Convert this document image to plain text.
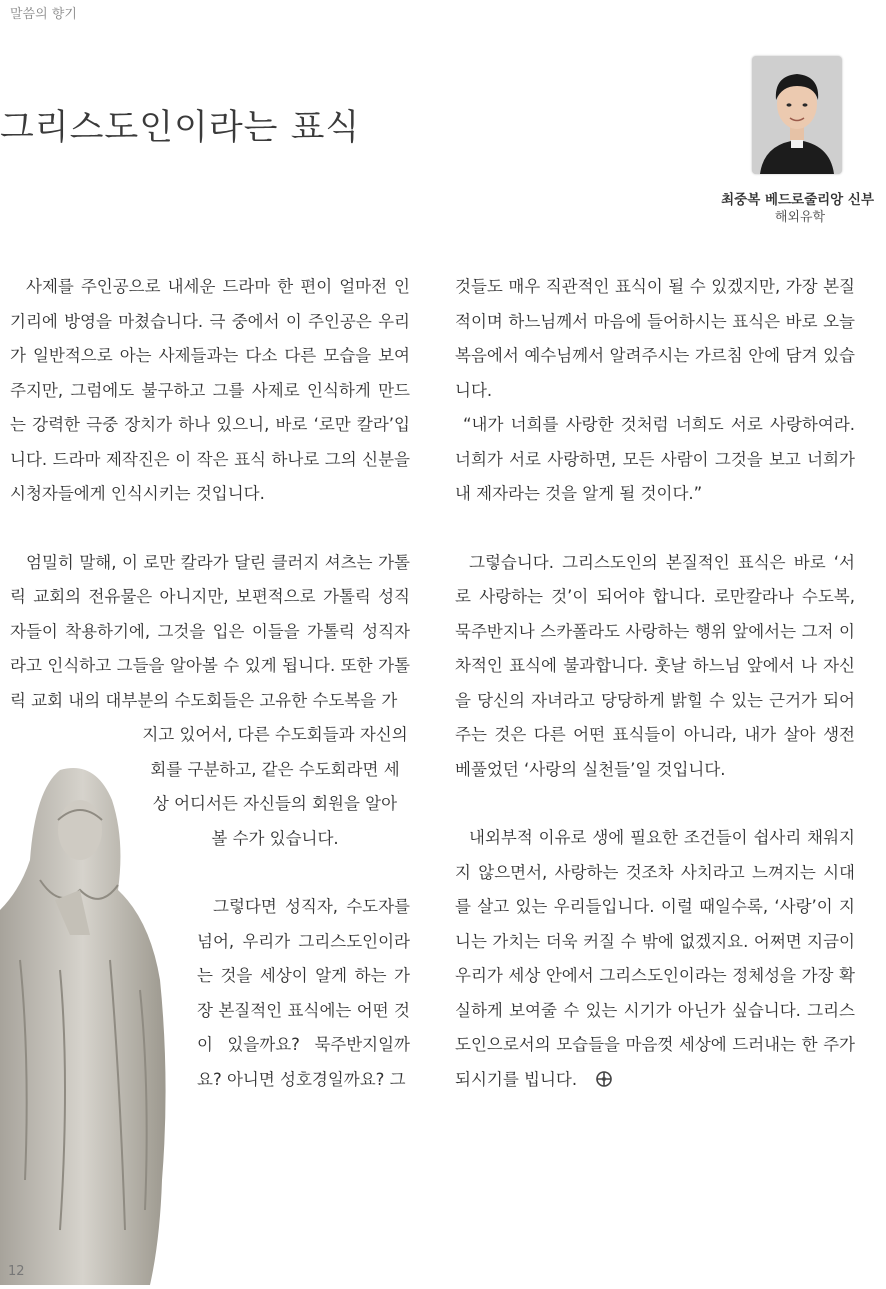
말씀의 향기
그리스도인이라는 표식
최중복 베드로줄리앙 신부
해외유학

사제를 주인공으로 내세운 드라마 한 편이 얼마전 인기리에 방영을 마쳤습니다. 극 중에서 이 주인공은 우리가 일반적으로 아는 사제들과는 다소 다른 모습을 보여주지만, 그럼에도 불구하고 그를 사제로 인식하게 만드는 강력한 극중 장치가 하나 있으니, 바로 ‘로만 칼라’입니다. 드라마 제작진은 이 작은 표식 하나로 그의 신분을 시청자들에게 인식시키는 것입니다.

엄밀히 말해, 이 로만 칼라가 달린 클러지 셔츠는 가톨릭 교회의 전유물은 아니지만, 보편적으로 가톨릭 성직자들이 착용하기에, 그것을 입은 이들을 가톨릭 성직자라고 인식하고 그들을 알아볼 수 있게 됩니다. 또한 가톨릭 교회 내의 대부분의 수도회들은 고유한 수도복을 가

지고 있어서, 다른 수도회들과 자신의

회를 구분하고, 같은 수도회라면 세

상 어디서든 자신들의 회원을 알아

볼 수가 있습니다.

그렇다면 성직자, 수도자를 넘어, 우리가 그리스도인이라는 것을 세상이 알게 하는 가장 본질적인 표식에는 어떤 것이 있을까요? 묵주반지일까요? 아니면 성호경일까요? 그

것들도 매우 직관적인 표식이 될 수 있겠지만, 가장 본질적이며 하느님께서 마음에 들어하시는 표식은 바로 오늘 복음에서 예수님께서 알려주시는 가르침 안에 담겨 있습니다.

“내가 너희를 사랑한 것처럼 너희도 서로 사랑하여라. 너희가 서로 사랑하면, 모든 사람이 그것을 보고 너희가 내 제자라는 것을 알게 될 것이다.”

그렇습니다. 그리스도인의 본질적인 표식은 바로 ‘서로 사랑하는 것’이 되어야 합니다. 로만칼라나 수도복, 묵주반지나 스카폴라도 사랑하는 행위 앞에서는 그저 이차적인 표식에 불과합니다. 훗날 하느님 앞에서 나 자신을 당신의 자녀라고 당당하게 밝힐 수 있는 근거가 되어주는 것은 다른 어떤 표식들이 아니라, 내가 살아 생전 베풀었던 ‘사랑의 실천들’일 것입니다.

내외부적 이유로 생에 필요한 조건들이 쉽사리 채워지지 않으면서, 사랑하는 것조차 사치라고 느껴지는 시대를 살고 있는 우리들입니다. 이럴 때일수록, ‘사랑’이 지니는 가치는 더욱 커질 수 밖에 없겠지요. 어쩌면 지금이 우리가 세상 안에서 그리스도인이라는 정체성을 가장 확실하게 보여줄 수 있는 시기가 아닌가 싶습니다. 그리스도인으로서의 모습들을 마음껏 세상에 드러내는 한 주가 되시기를 빕니다.

12
